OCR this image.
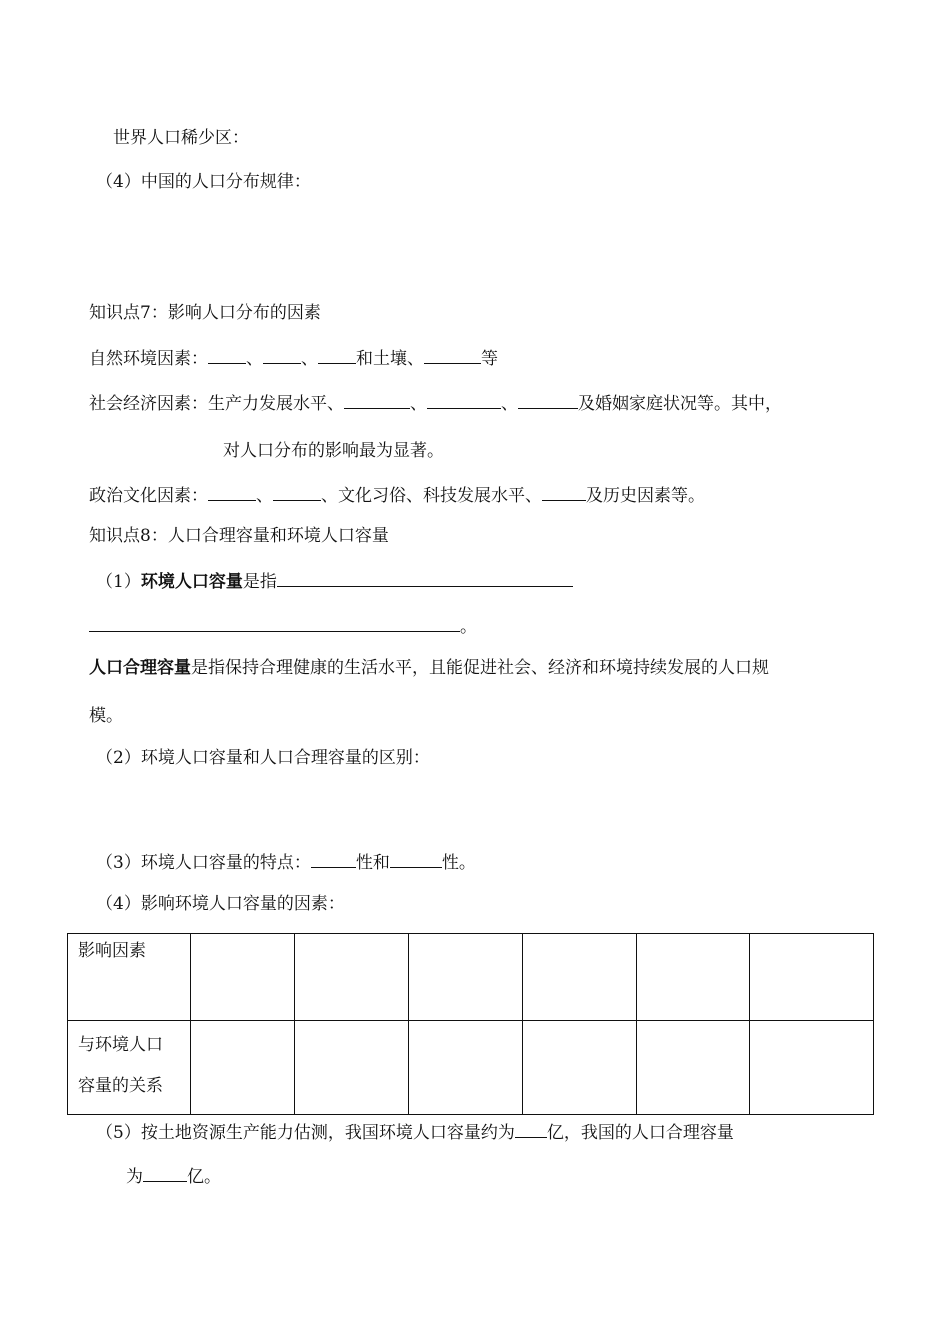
世界人口稀少区：
（4）中国的人口分布规律：
知识点7：影响人口分布的因素
自然环境因素： 、 、 和土壤、	等
社会经济因素：生产力发展水平、	、	、	及婚姻家庭状况等。其中，
对人口分布的影响最为显著。
政治文化因素：	、	、文化习俗、科技发展水平、	及历史因素等。
知识点8：人口合理容量和环境人口容量
（1）环境人口容量是指
。
人口合理容量是指保持合理健康的生活水平，且能促进社会、经济和环境持续发展的人口规
模。
（2）环境人口容量和人口合理容量的区别：
（3）环境人口容量的特点：	性和	性。
（4）影响环境人口容量的因素：
影响因素						

与环境人口
容量的关系						

（5）按土地资源生产能力估测，我国环境人口容量约为 亿，我国的人口合理容量
为	亿。
